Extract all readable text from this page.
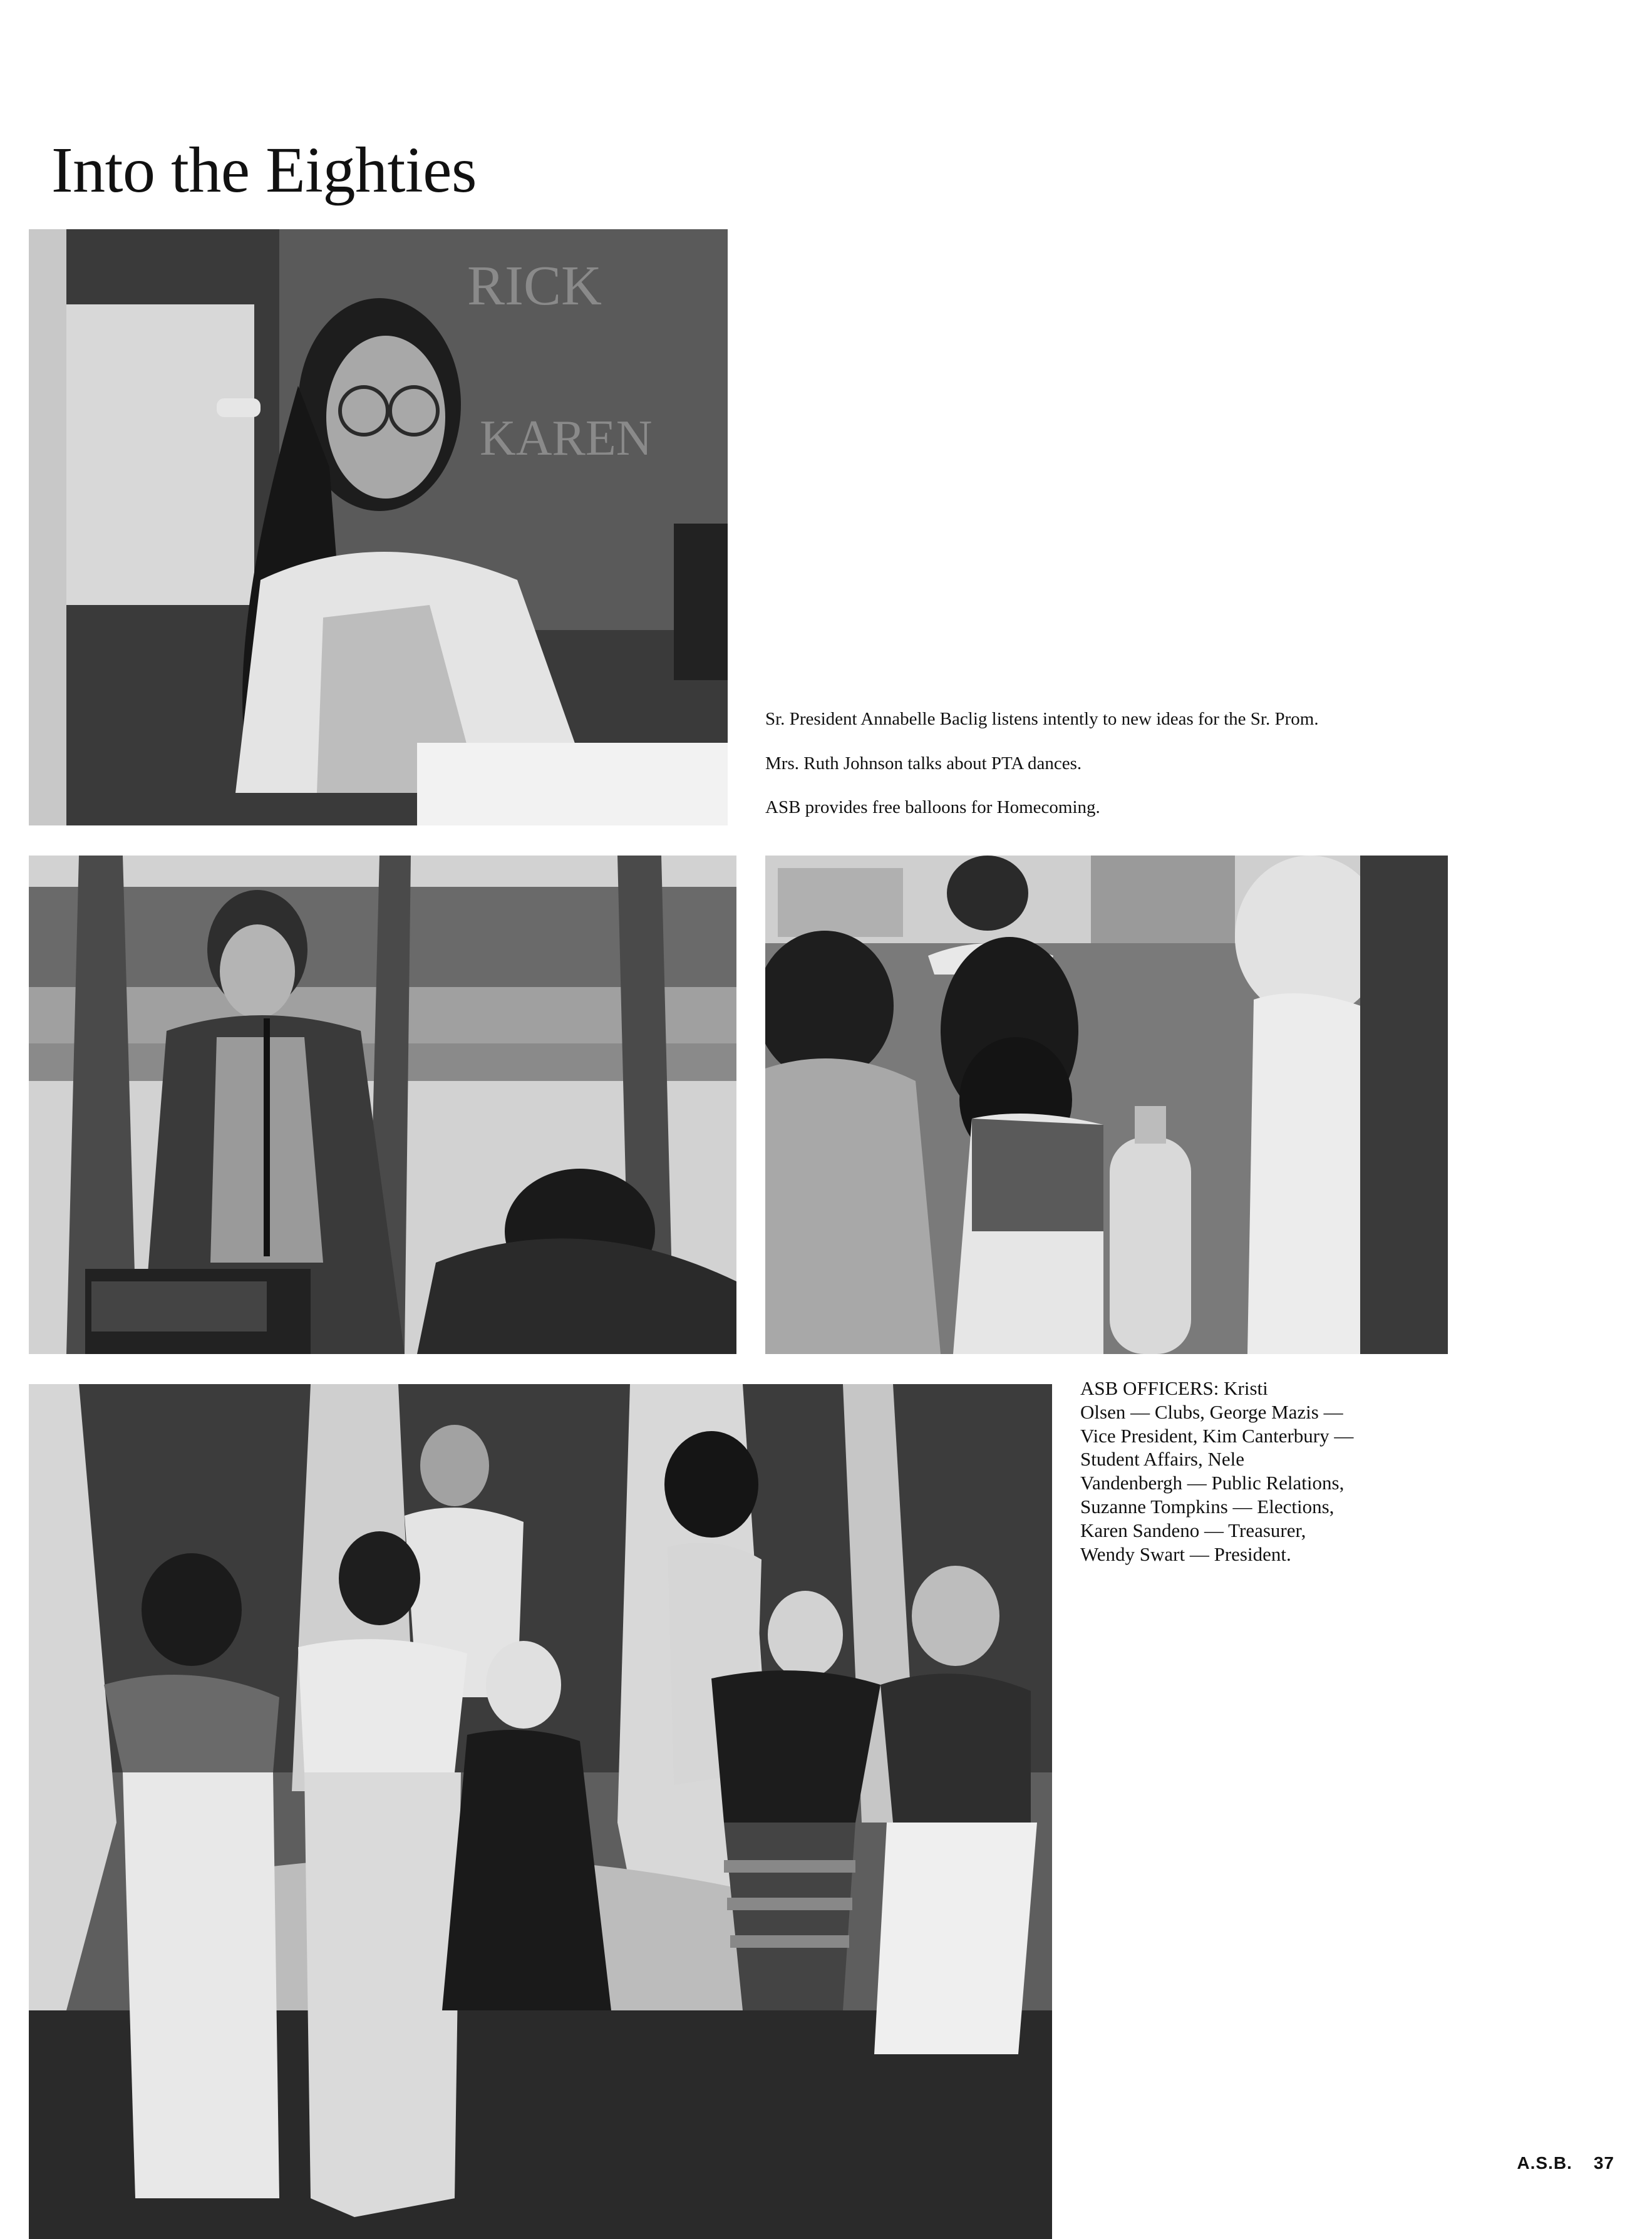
Into the Eighties
RICK
KAREN

Sr. President Annabelle Baclig listens intently to new ideas for the Sr. Prom.

Mrs. Ruth Johnson talks about PTA dances.

ASB provides free balloons for Homecoming.

ASB OFFICERS: Kristi
Olsen — Clubs, George Mazis —
Vice President, Kim Canterbury —
Student Affairs, Nele
Vandenbergh — Public Relations,
Suzanne Tompkins — Elections,
Karen Sandeno — Treasurer,
Wendy Swart — President.
A.S.B. 37
